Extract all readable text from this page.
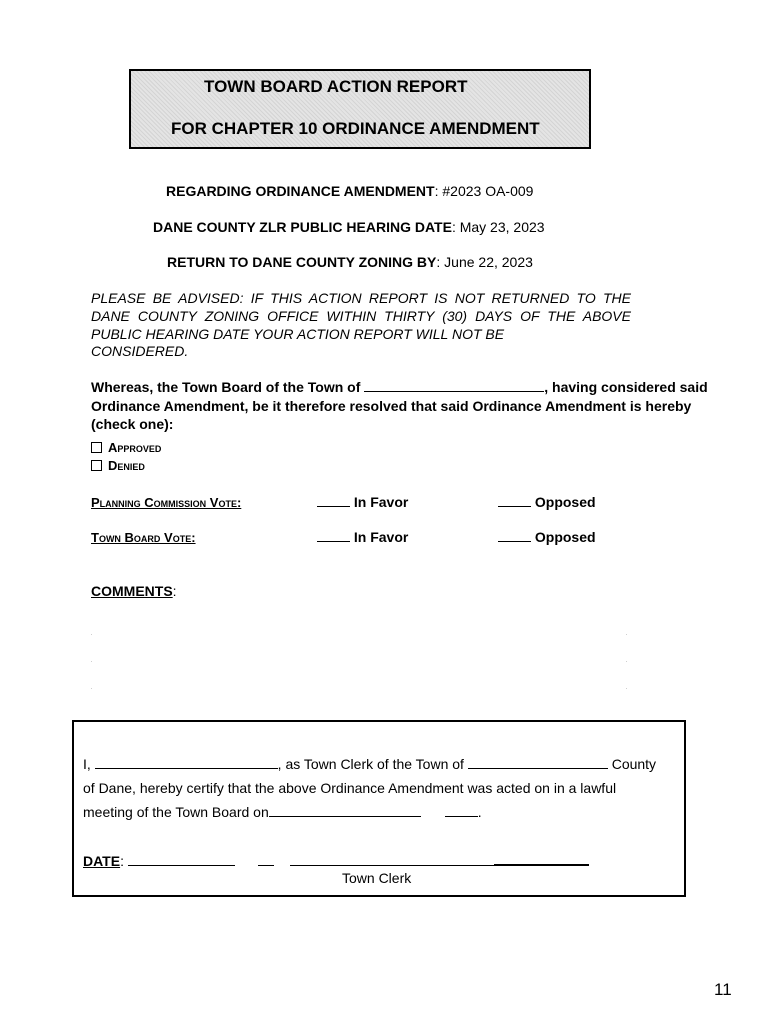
TOWN BOARD ACTION REPORT
FOR CHAPTER 10 ORDINANCE AMENDMENT
REGARDING ORDINANCE AMENDMENT: #2023 OA-009
DANE COUNTY ZLR PUBLIC HEARING DATE: May 23, 2023
RETURN TO DANE COUNTY ZONING BY: June 22, 2023
PLEASE BE ADVISED: IF THIS ACTION REPORT IS NOT RETURNED TO THE DANE COUNTY ZONING OFFICE WITHIN THIRTY (30) DAYS OF THE ABOVE PUBLIC HEARING DATE YOUR ACTION REPORT WILL NOT BE
CONSIDERED.
Whereas, the Town Board of the Town of	, having considered said Ordinance Amendment, be it therefore resolved that said Ordinance Amendment is hereby (check one):
Approved
Denied
Planning Commission Vote:	In Favor	Opposed
Town Board Vote:	In Favor	Opposed
COMMENTS:
I,	, as Town Clerk of the Town of	County
of Dane, hereby certify that the above Ordinance Amendment was acted on in a lawful
meeting of the Town Board on	.
DATE:
Town Clerk
11
